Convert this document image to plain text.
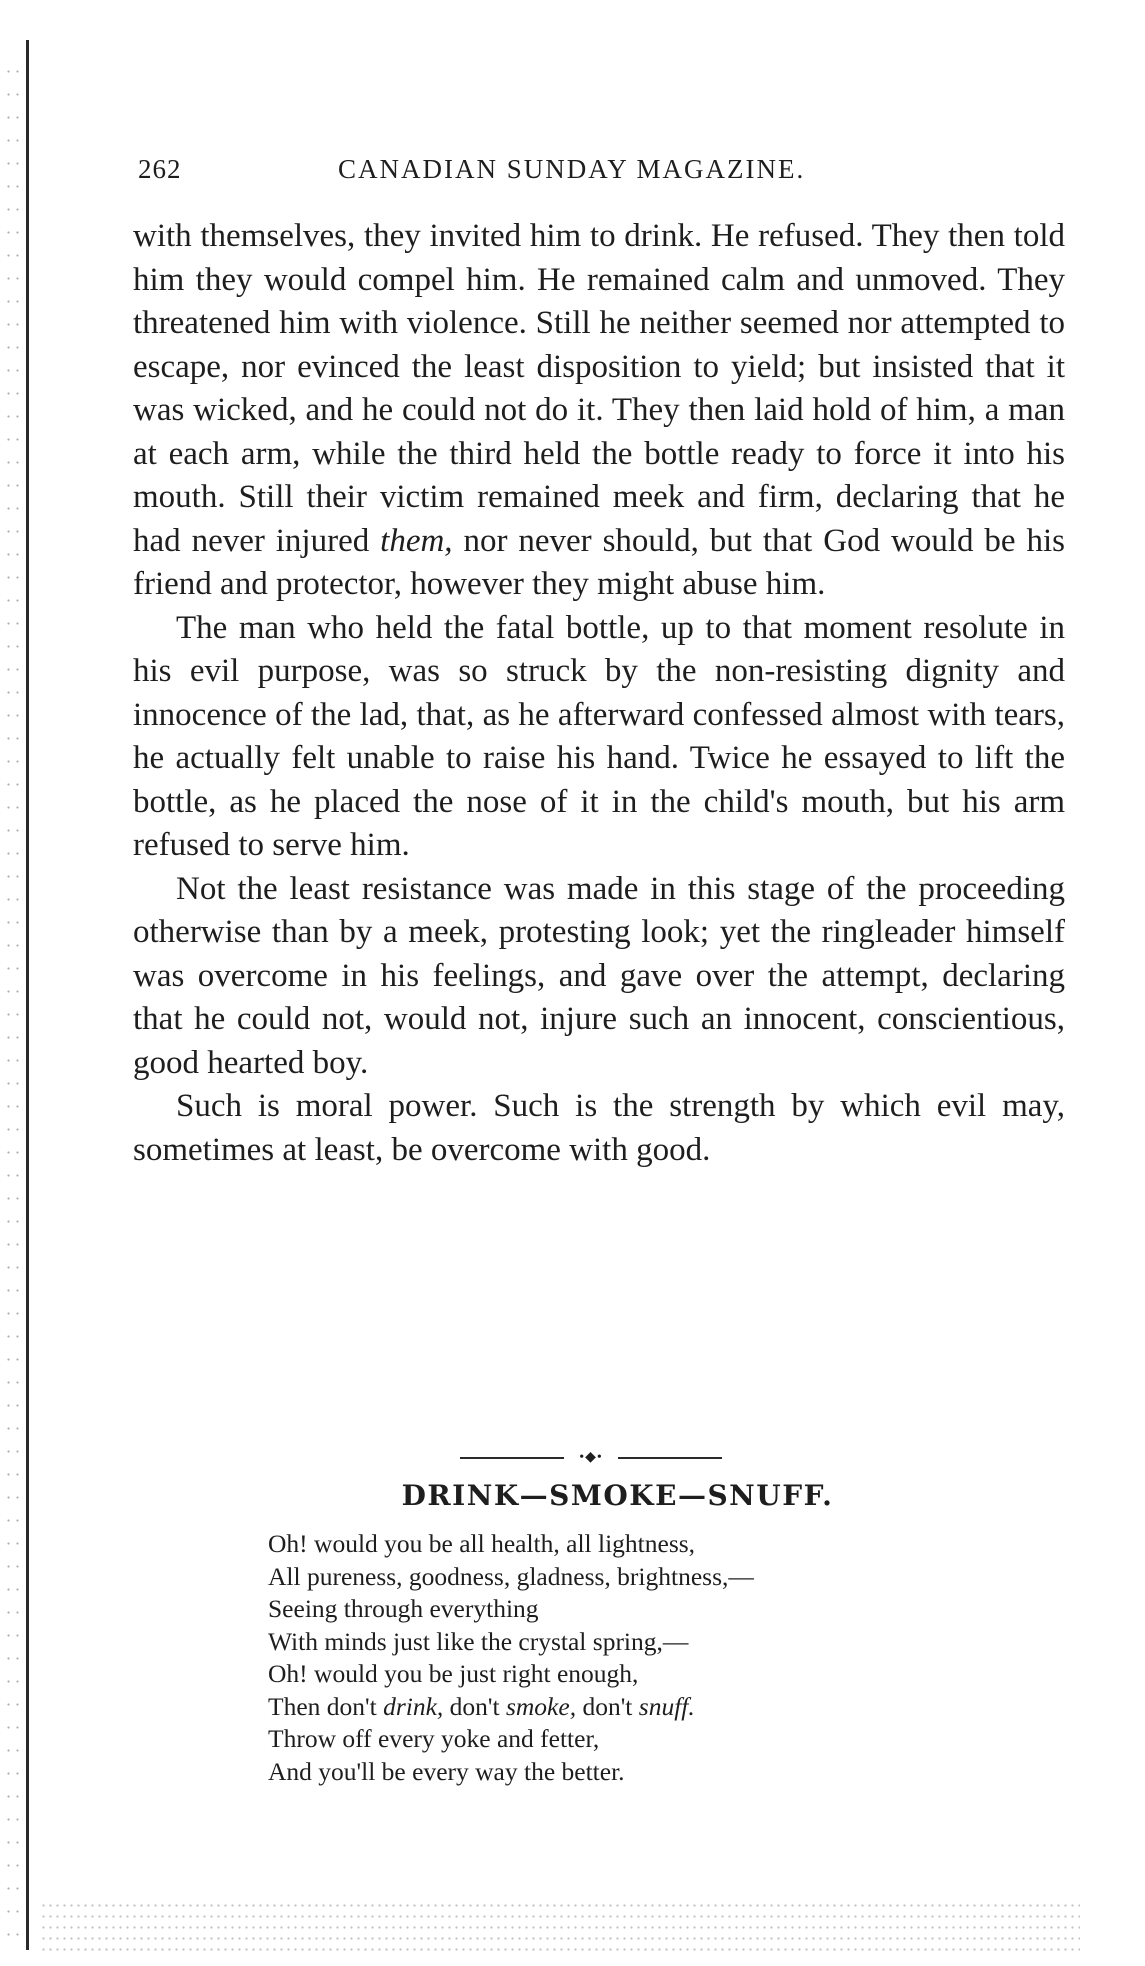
262	CANADIAN SUNDAY MAGAZINE.

with themselves, they invited him to drink. He refused. They then told him they would compel him. He remained calm and unmoved. They threatened him with violence. Still he neither seemed nor attempted to escape, nor evinced the least disposition to yield; but insisted that it was wicked, and he could not do it. They then laid hold of him, a man at each arm, while the third held the bottle ready to force it into his mouth. Still their victim remained meek and firm, declaring that he had never injured them, nor never should, but that God would be his friend and protector, however they might abuse him.

The man who held the fatal bottle, up to that moment resolute in his evil purpose, was so struck by the non-resisting dignity and innocence of the lad, that, as he afterward confessed almost with tears, he actually felt unable to raise his hand. Twice he essayed to lift the bottle, as he placed the nose of it in the child's mouth, but his arm refused to serve him.

Not the least resistance was made in this stage of the proceeding otherwise than by a meek, protesting look; yet the ringleader himself was overcome in his feelings, and gave over the attempt, declaring that he could not, would not, injure such an innocent, conscientious, good hearted boy.

Such is moral power. Such is the strength by which evil may, sometimes at least, be overcome with good.

•◆•
DRINK—SMOKE—SNUFF.
Oh! would you be all health, all lightness,
All pureness, goodness, gladness, brightness,—
Seeing through everything
With minds just like the crystal spring,—
Oh! would you be just right enough,
Then don't drink, don't smoke, don't snuff.
Throw off every yoke and fetter,
And you'll be every way the better.
